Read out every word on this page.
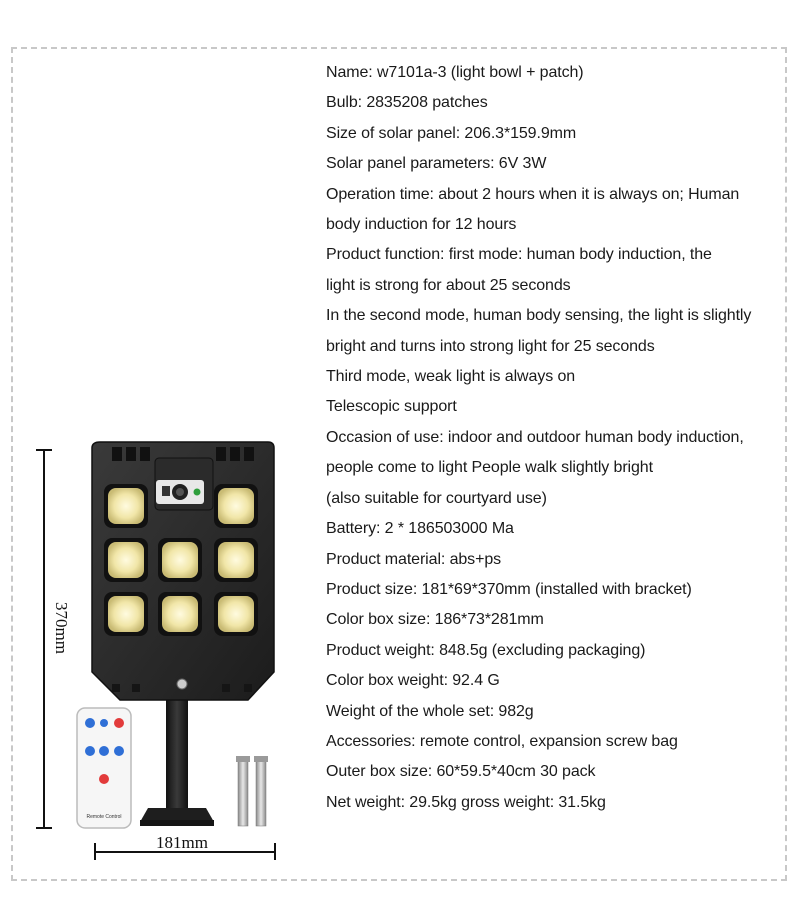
Name: w7101a-3 (light bowl + patch)
Bulb: 2835208 patches
Size of solar panel: 206.3*159.9mm
Solar panel parameters: 6V 3W
Operation time: about 2 hours when it is always on; Human
body induction for 12 hours
Product function: first mode: human body induction, the
light is strong for about 25 seconds
In the second mode, human body sensing, the light is slightly
bright and turns into strong light for 25 seconds
Third mode, weak light is always on
Telescopic support
Occasion of use: indoor and outdoor human body induction,
people come to light People walk slightly bright
(also suitable for courtyard use)
Battery: 2 * 186503000 Ma
Product material: abs+ps
Product size: 181*69*370mm (installed with bracket)
Color box size: 186*73*281mm
Product weight: 848.5g (excluding packaging)
Color box weight: 92.4 G
Weight of the whole set: 982g
Accessories: remote control, expansion screw bag
Outer box size: 60*59.5*40cm 30 pack
Net weight: 29.5kg gross weight: 31.5kg
Remote Control
370mm
181mm
